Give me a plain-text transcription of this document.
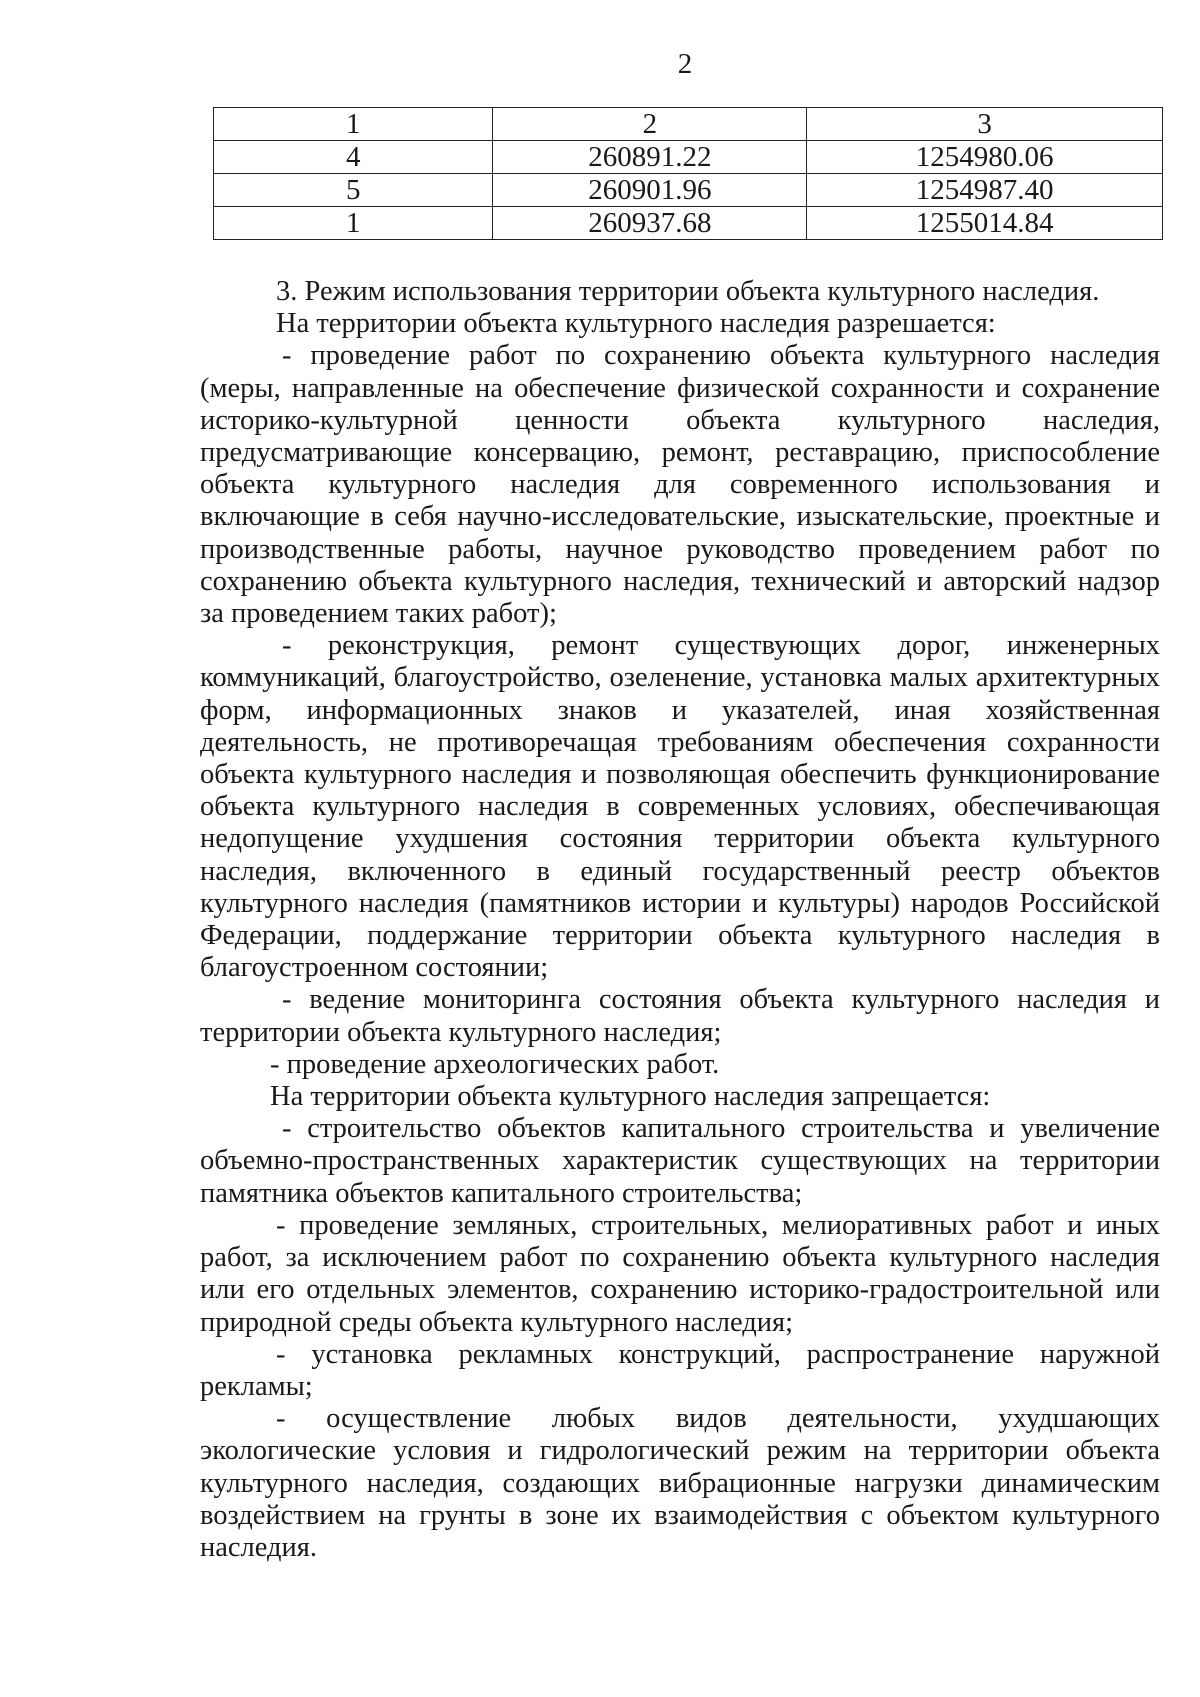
2
1	2	3
4	260891.22	1254980.06
5	260901.96	1254987.40
1	260937.68	1255014.84

3. Режим использования территории объекта культурного наследия.

На территории объекта культурного наследия разрешается:

- проведение работ по сохранению объекта культурного наследия (меры, направленные на обеспечение физической сохранности и сохранение историко-культурной ценности объекта культурного наследия, предусматривающие консервацию, ремонт, реставрацию, приспособление объекта культурного наследия для современного использования и включающие в себя научно-исследовательские, изыскательские, проектные и производственные работы, научное руководство проведением работ по сохранению объекта культурного наследия, технический и авторский надзор за проведением таких работ);

- реконструкция, ремонт существующих дорог, инженерных коммуникаций, благоустройство, озеленение, установка малых архитектурных форм, информационных знаков и указателей, иная хозяйственная деятельность, не противоречащая требованиям обеспечения сохранности объекта культурного наследия и позволяющая обеспечить функционирование объекта культурного наследия в современных условиях, обеспечивающая недопущение ухудшения состояния территории объекта культурного наследия, включенного в единый государственный реестр объектов культурного наследия (памятников истории и культуры) народов Российской Федерации, поддержание территории объекта культурного наследия в благоустроенном состоянии;

- ведение мониторинга состояния объекта культурного наследия и территории объекта культурного наследия;

- проведение археологических работ.

На территории объекта культурного наследия запрещается:

- строительство объектов капитального строительства и увеличение объемно-пространственных характеристик существующих на территории памятника объектов капитального строительства;

- проведение земляных, строительных, мелиоративных работ и иных работ, за исключением работ по сохранению объекта культурного наследия или его отдельных элементов, сохранению историко-градостроительной или природной среды объекта культурного наследия;

- установка рекламных конструкций, распространение наружной рекламы;

- осуществление любых видов деятельности, ухудшающих экологические условия и гидрологический режим на территории объекта культурного наследия, создающих вибрационные нагрузки динамическим воздействием на грунты в зоне их взаимодействия с объектом культурного наследия.
